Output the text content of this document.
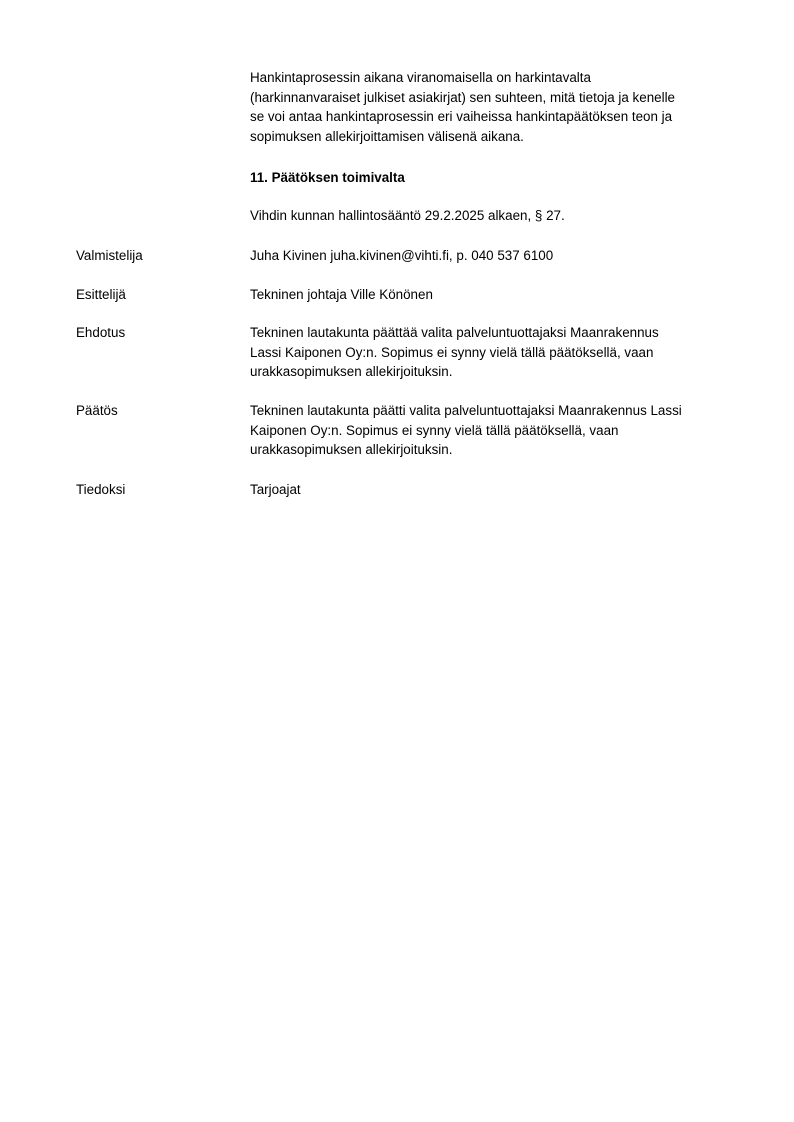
Hankintaprosessin aikana viranomaisella on harkintavalta
(harkinnanvaraiset julkiset asiakirjat) sen suhteen, mitä tietoja ja kenelle
se voi antaa hankintaprosessin eri vaiheissa hankintapäätöksen teon ja
sopimuksen allekirjoittamisen välisenä aikana.

11. Päätöksen toimivalta

Vihdin kunnan hallintosääntö 29.2.2025 alkaen, § 27.

Valmistelija	Juha Kivinen juha.kivinen@vihti.fi, p. 040 537 6100

Esittelijä	Tekninen johtaja Ville Könönen

Ehdotus	Tekninen lautakunta päättää valita palveluntuottajaksi Maanrakennus
Lassi Kaiponen Oy:n. Sopimus ei synny vielä tällä päätöksellä, vaan
urakkasopimuksen allekirjoituksin.

Päätös	Tekninen lautakunta päätti valita palveluntuottajaksi Maanrakennus Lassi
Kaiponen Oy:n. Sopimus ei synny vielä tällä päätöksellä, vaan
urakkasopimuksen allekirjoituksin.

Tiedoksi	Tarjoajat
